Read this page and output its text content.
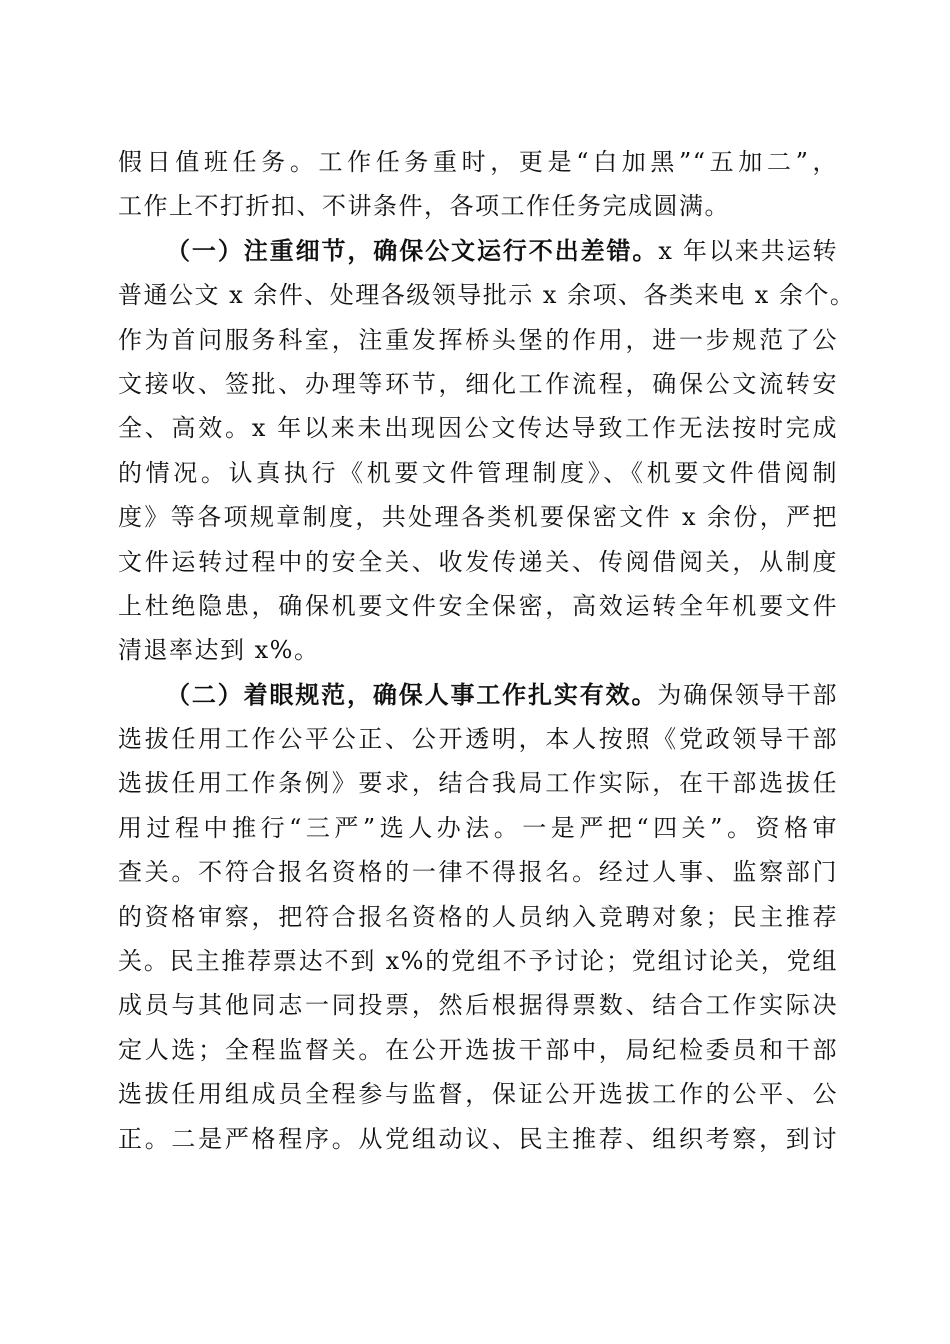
假日值班任务。工作任务重时，更是“白加黑”“五加二”，
工作上不打折扣、不讲条件，各项工作任务完成圆满。
（一）注重细节，确保公文运行不出差错。x 年以来共运转
普通公文 x 余件、处理各级领导批示 x 余项、各类来电 x 余个。
作为首问服务科室，注重发挥桥头堡的作用，进一步规范了公
文接收、签批、办理等环节，细化工作流程，确保公文流转安
全、高效。x 年以来未出现因公文传达导致工作无法按时完成
的情况。认真执行《机要文件管理制度》、《机要文件借阅制
度》等各项规章制度，共处理各类机要保密文件 x 余份，严把
文件运转过程中的安全关、收发传递关、传阅借阅关，从制度
上杜绝隐患，确保机要文件安全保密，高效运转全年机要文件
清退率达到 x%。
（二）着眼规范，确保人事工作扎实有效。为确保领导干部
选拔任用工作公平公正、公开透明，本人按照《党政领导干部
选拔任用工作条例》要求，结合我局工作实际，在干部选拔任
用过程中推行“三严”选人办法。一是严把“四关”。资格审
查关。不符合报名资格的一律不得报名。经过人事、监察部门
的资格审察，把符合报名资格的人员纳入竞聘对象；民主推荐
关。民主推荐票达不到 x%的党组不予讨论；党组讨论关，党组
成员与其他同志一同投票，然后根据得票数、结合工作实际决
定人选；全程监督关。在公开选拔干部中，局纪检委员和干部
选拔任用组成员全程参与监督，保证公开选拔工作的公平、公
正。二是严格程序。从党组动议、民主推荐、组织考察，到讨
